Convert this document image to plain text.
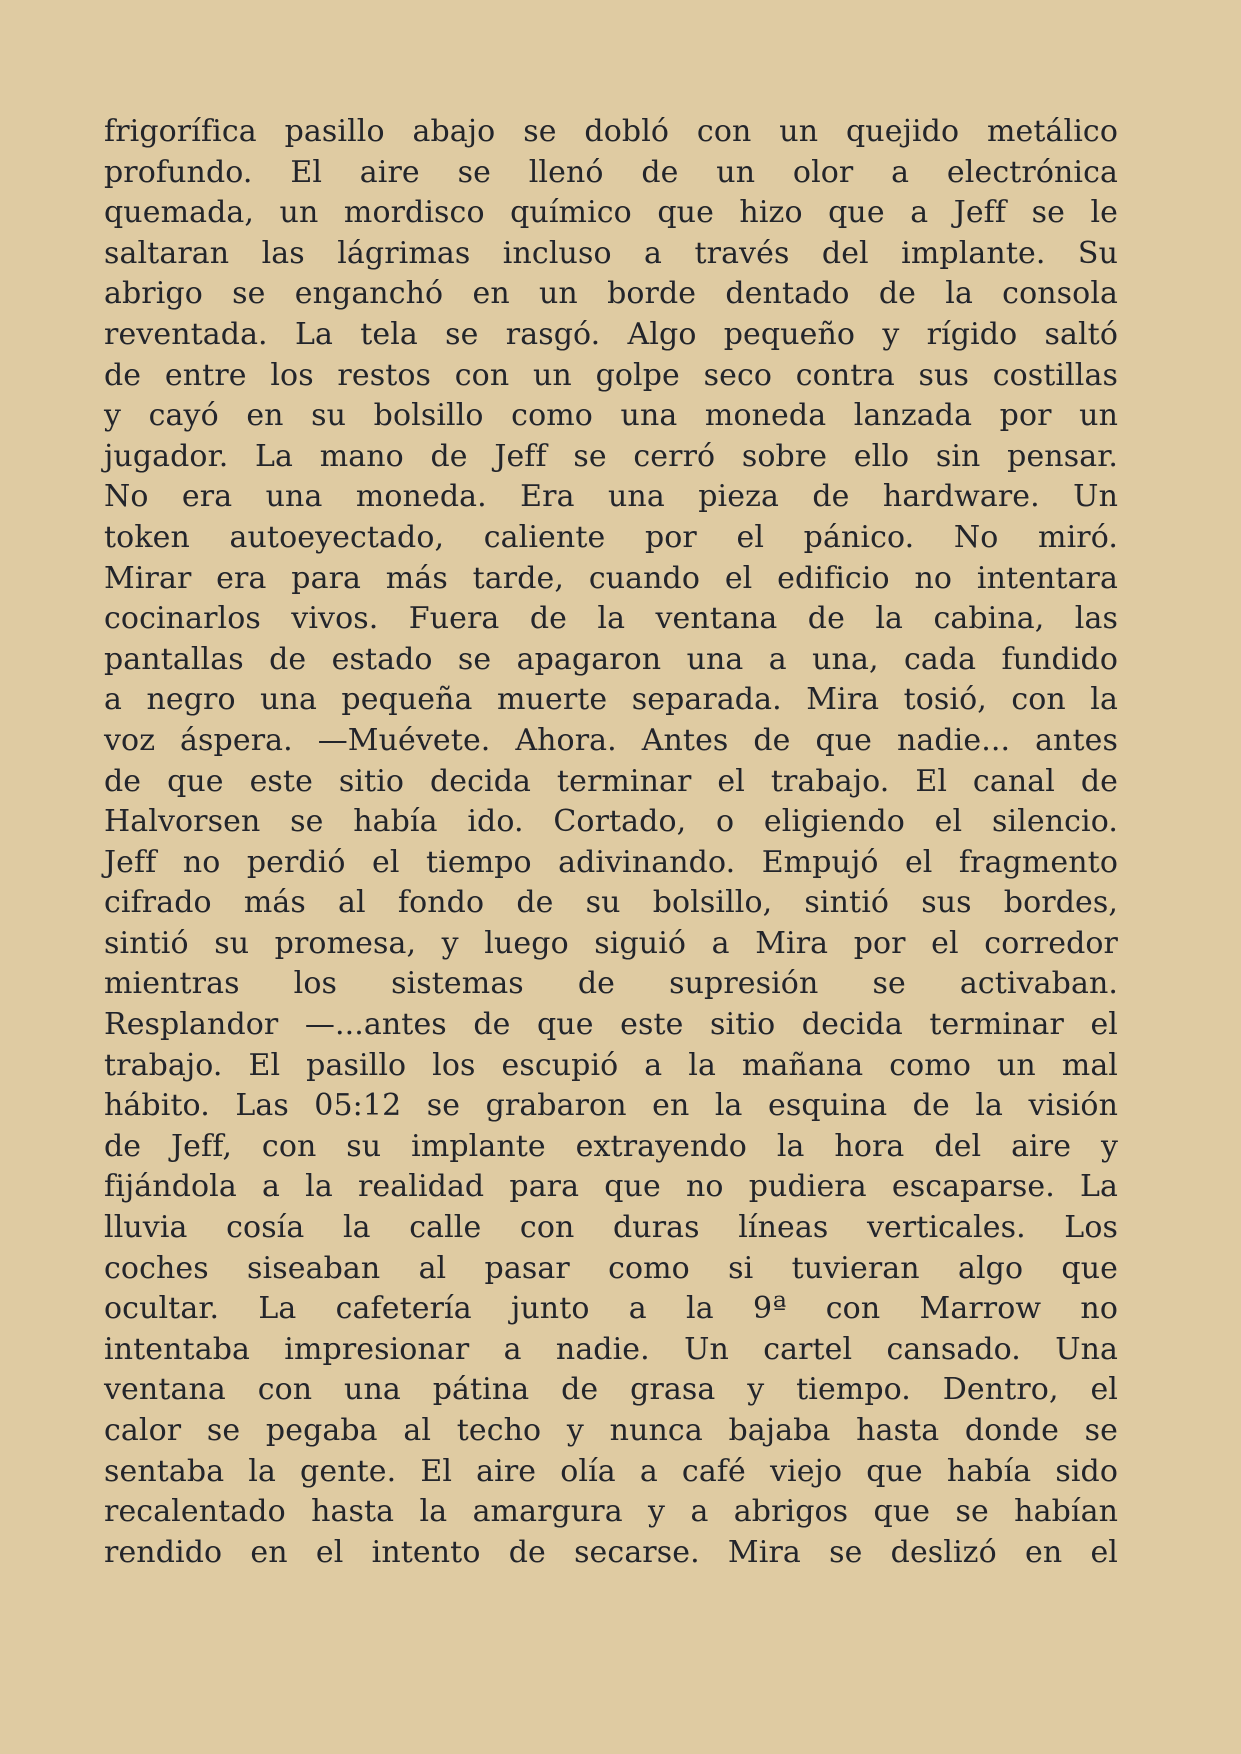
frigorífica pasillo abajo se dobló con un quejido metálico
profundo. El aire se llenó de un olor a electrónica
quemada, un mordisco químico que hizo que a Jeff se le
saltaran las lágrimas incluso a través del implante. Su
abrigo se enganchó en un borde dentado de la consola
reventada. La tela se rasgó. Algo pequeño y rígido saltó
de entre los restos con un golpe seco contra sus costillas
y cayó en su bolsillo como una moneda lanzada por un
jugador. La mano de Jeff se cerró sobre ello sin pensar.
No era una moneda. Era una pieza de hardware. Un
token autoeyectado, caliente por el pánico. No miró.
Mirar era para más tarde, cuando el edificio no intentara
cocinarlos vivos. Fuera de la ventana de la cabina, las
pantallas de estado se apagaron una a una, cada fundido
a negro una pequeña muerte separada. Mira tosió, con la
voz áspera. —Muévete. Ahora. Antes de que nadie... antes
de que este sitio decida terminar el trabajo. El canal de
Halvorsen se había ido. Cortado, o eligiendo el silencio.
Jeff no perdió el tiempo adivinando. Empujó el fragmento
cifrado más al fondo de su bolsillo, sintió sus bordes,
sintió su promesa, y luego siguió a Mira por el corredor
mientras los sistemas de supresión se activaban.
Resplandor —...antes de que este sitio decida terminar el
trabajo. El pasillo los escupió a la mañana como un mal
hábito. Las 05:12 se grabaron en la esquina de la visión
de Jeff, con su implante extrayendo la hora del aire y
fijándola a la realidad para que no pudiera escaparse. La
lluvia cosía la calle con duras líneas verticales. Los
coches siseaban al pasar como si tuvieran algo que
ocultar. La cafetería junto a la 9ª con Marrow no
intentaba impresionar a nadie. Un cartel cansado. Una
ventana con una pátina de grasa y tiempo. Dentro, el
calor se pegaba al techo y nunca bajaba hasta donde se
sentaba la gente. El aire olía a café viejo que había sido
recalentado hasta la amargura y a abrigos que se habían
rendido en el intento de secarse. Mira se deslizó en el
